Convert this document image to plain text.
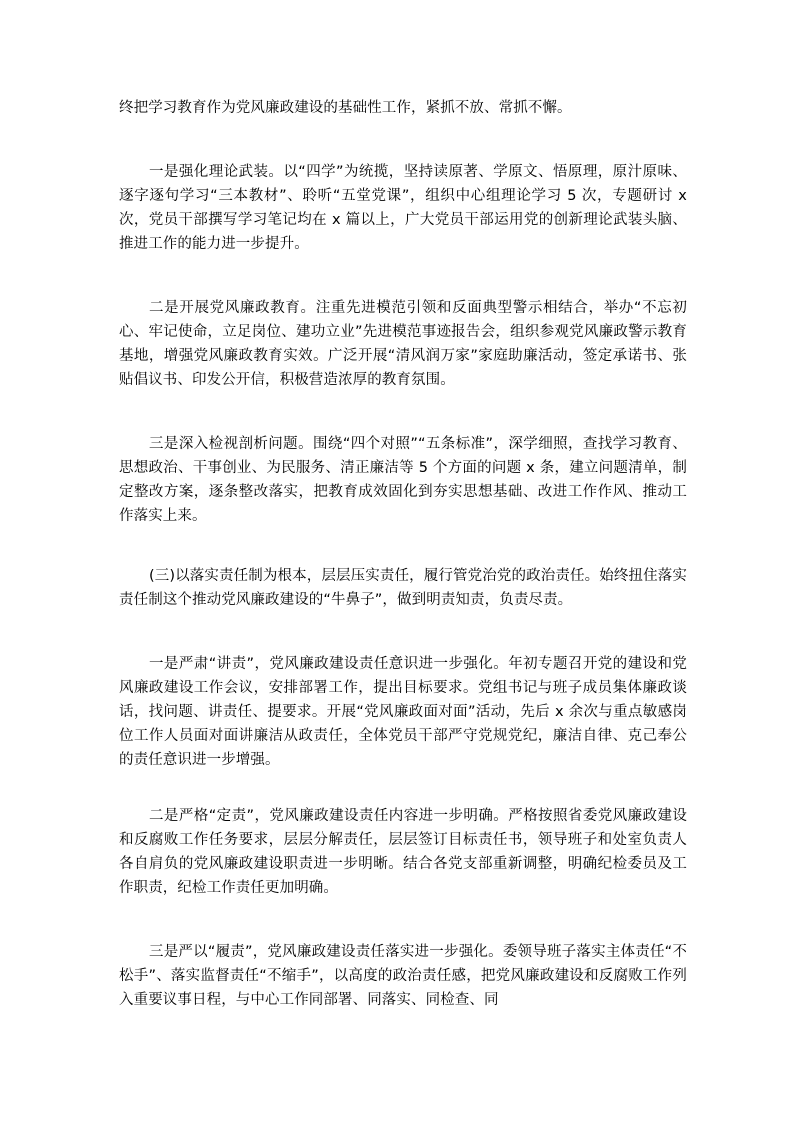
终把学习教育作为党风廉政建设的基础性工作，紧抓不放、常抓不懈。

一是强化理论武装。以“四学”为统揽，坚持读原著、学原文、悟原理，原汁原味、逐字逐句学习“三本教材”、聆听“五堂党课”，组织中心组理论学习 5 次，专题研讨 x 次，党员干部撰写学习笔记均在 x 篇以上，广大党员干部运用党的创新理论武装头脑、推进工作的能力进一步提升。

二是开展党风廉政教育。注重先进模范引领和反面典型警示相结合，举办“不忘初心、牢记使命，立足岗位、建功立业”先进模范事迹报告会，组织参观党风廉政警示教育基地，增强党风廉政教育实效。广泛开展“清风润万家”家庭助廉活动，签定承诺书、张贴倡议书、印发公开信，积极营造浓厚的教育氛围。

三是深入检视剖析问题。围绕“四个对照”“五条标准”，深学细照，查找学习教育、思想政治、干事创业、为民服务、清正廉洁等 5 个方面的问题 x 条，建立问题清单，制定整改方案，逐条整改落实，把教育成效固化到夯实思想基础、改进工作作风、推动工作落实上来。

(三)以落实责任制为根本，层层压实责任，履行管党治党的政治责任。始终扭住落实责任制这个推动党风廉政建设的“牛鼻子”，做到明责知责，负责尽责。

一是严肃“讲责”，党风廉政建设责任意识进一步强化。年初专题召开党的建设和党风廉政建设工作会议，安排部署工作，提出目标要求。党组书记与班子成员集体廉政谈话，找问题、讲责任、提要求。开展“党风廉政面对面”活动，先后 x 余次与重点敏感岗位工作人员面对面讲廉洁从政责任，全体党员干部严守党规党纪，廉洁自律、克己奉公的责任意识进一步增强。

二是严格“定责”，党风廉政建设责任内容进一步明确。严格按照省委党风廉政建设和反腐败工作任务要求，层层分解责任，层层签订目标责任书，领导班子和处室负责人各自肩负的党风廉政建设职责进一步明晰。结合各党支部重新调整，明确纪检委员及工作职责，纪检工作责任更加明确。

三是严以“履责”，党风廉政建设责任落实进一步强化。委领导班子落实主体责任“不松手”、落实监督责任“不缩手”，以高度的政治责任感，把党风廉政建设和反腐败工作列入重要议事日程，与中心工作同部署、同落实、同检查、同
